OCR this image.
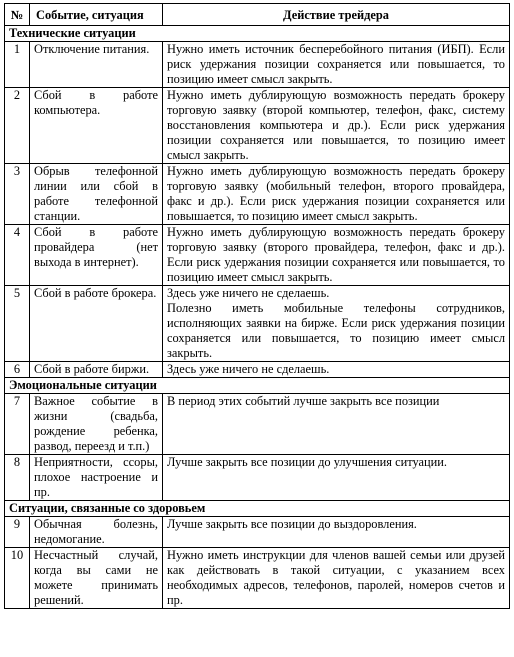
№	Событие, ситуация	Действие трейдера
Технические ситуации		
1	Отключение питания.	Нужно иметь источник бесперебойного питания (ИБП). Если риск удержания позиции сохраняется или повышается, то позицию имеет смысл закрыть.

2	Сбой в работе компьютера.	Нужно иметь дублирующую возможность передать брокеру торговую заявку (второй компьютер, телефон, факс, систему восстановления компьютера и др.). Если риск удержания позиции сохраняется или повышается, то позицию имеет смысл закрыть.

3	Обрыв телефонной линии или сбой в работе телефонной станции.	Нужно иметь дублирующую возможность передать брокеру торговую заявку (мобильный телефон, второго провайдера, факс и др.). Если риск удержания позиции сохраняется или повышается, то позицию имеет смысл закрыть.

4	Сбой в работе провайдера (нет выхода в интернет).	Нужно иметь дублирующую возможность передать брокеру торговую заявку (второго провайдера, телефон, факс и др.). Если риск удержания позиции сохраняется или повышается, то позицию имеет смысл закрыть.

5	Сбой в работе брокера.	Здесь уже ничего не сделаешь.
Полезно иметь мобильные телефоны сотрудников, исполняющих заявки на бирже. Если риск удержания позиции сохраняется или повышается, то позицию имеет смысл закрыть.

6	Сбой в работе биржи.	Здесь уже ничего не сделаешь.

Эмоциональные ситуации		
7	Важное событие в жизни (свадьба, рождение ребенка, развод, переезд и т.п.)	В период этих событий лучше закрыть все позиции

8	Неприятности, ссоры, плохое настроение и пр.	Лучше закрыть все позиции до улучшения ситуации.

Ситуации, связанные со здоровьем		
9	Обычная болезнь, недомогание.	Лучше закрыть все позиции до выздоровления.

10	Несчастный случай, когда вы сами не можете принимать решений.	Нужно иметь инструкции для членов вашей семьи или друзей как действовать в такой ситуации, с указанием всех необходимых адресов, телефонов, паролей, номеров счетов и пр.
